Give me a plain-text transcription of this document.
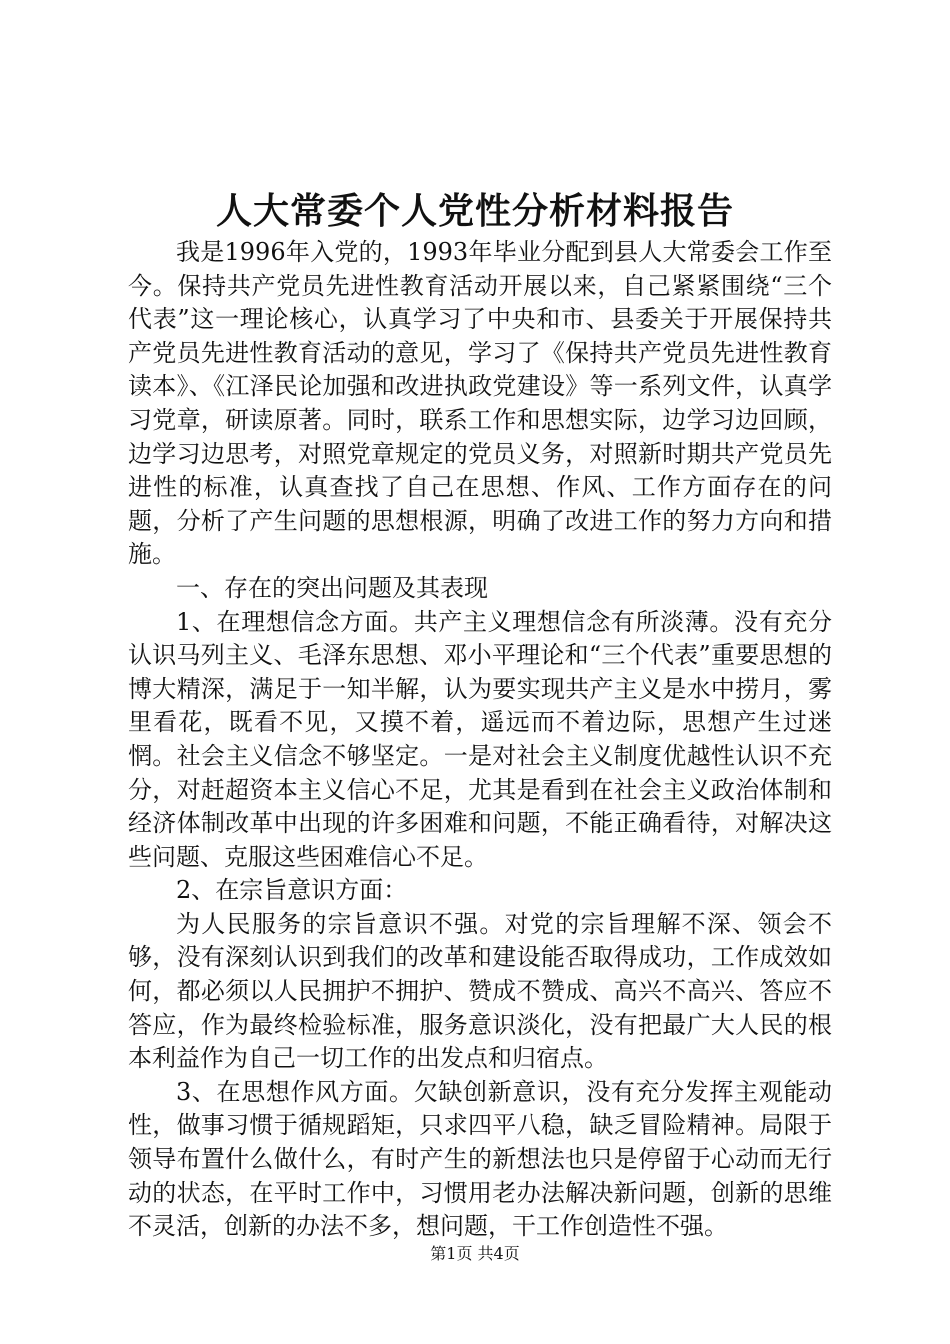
人大常委个人党性分析材料报告

我是1996年入党的，1993年毕业分配到县人大常委会工作至今。保持共产党员先进性教育活动开展以来，自己紧紧围绕“三个代表”这一理论核心，认真学习了中央和市、县委关于开展保持共产党员先进性教育活动的意见，学习了《保持共产党员先进性教育读本》、《江泽民论加强和改进执政党建设》等一系列文件，认真学习党章，研读原著。同时，联系工作和思想实际，边学习边回顾，边学习边思考，对照党章规定的党员义务，对照新时期共产党员先进性的标准，认真查找了自己在思想、作风、工作方面存在的问题，分析了产生问题的思想根源，明确了改进工作的努力方向和措施。

一、存在的突出问题及其表现

1、在理想信念方面。共产主义理想信念有所淡薄。没有充分认识马列主义、毛泽东思想、邓小平理论和“三个代表”重要思想的博大精深，满足于一知半解，认为要实现共产主义是水中捞月，雾里看花，既看不见，又摸不着，遥远而不着边际，思想产生过迷惘。社会主义信念不够坚定。一是对社会主义制度优越性认识不充分，对赶超资本主义信心不足，尤其是看到在社会主义政治体制和经济体制改革中出现的许多困难和问题，不能正确看待，对解决这些问题、克服这些困难信心不足。

2、在宗旨意识方面：

为人民服务的宗旨意识不强。对党的宗旨理解不深、领会不够，没有深刻认识到我们的改革和建设能否取得成功，工作成效如何，都必须以人民拥护不拥护、赞成不赞成、高兴不高兴、答应不答应，作为最终检验标准，服务意识淡化，没有把最广大人民的根本利益作为自己一切工作的出发点和归宿点。

3、在思想作风方面。欠缺创新意识，没有充分发挥主观能动性，做事习惯于循规蹈矩，只求四平八稳，缺乏冒险精神。局限于领导布置什么做什么，有时产生的新想法也只是停留于心动而无行动的状态，在平时工作中，习惯用老办法解决新问题，创新的思维不灵活，创新的办法不多，想问题，干工作创造性不强。

第1页 共4页
